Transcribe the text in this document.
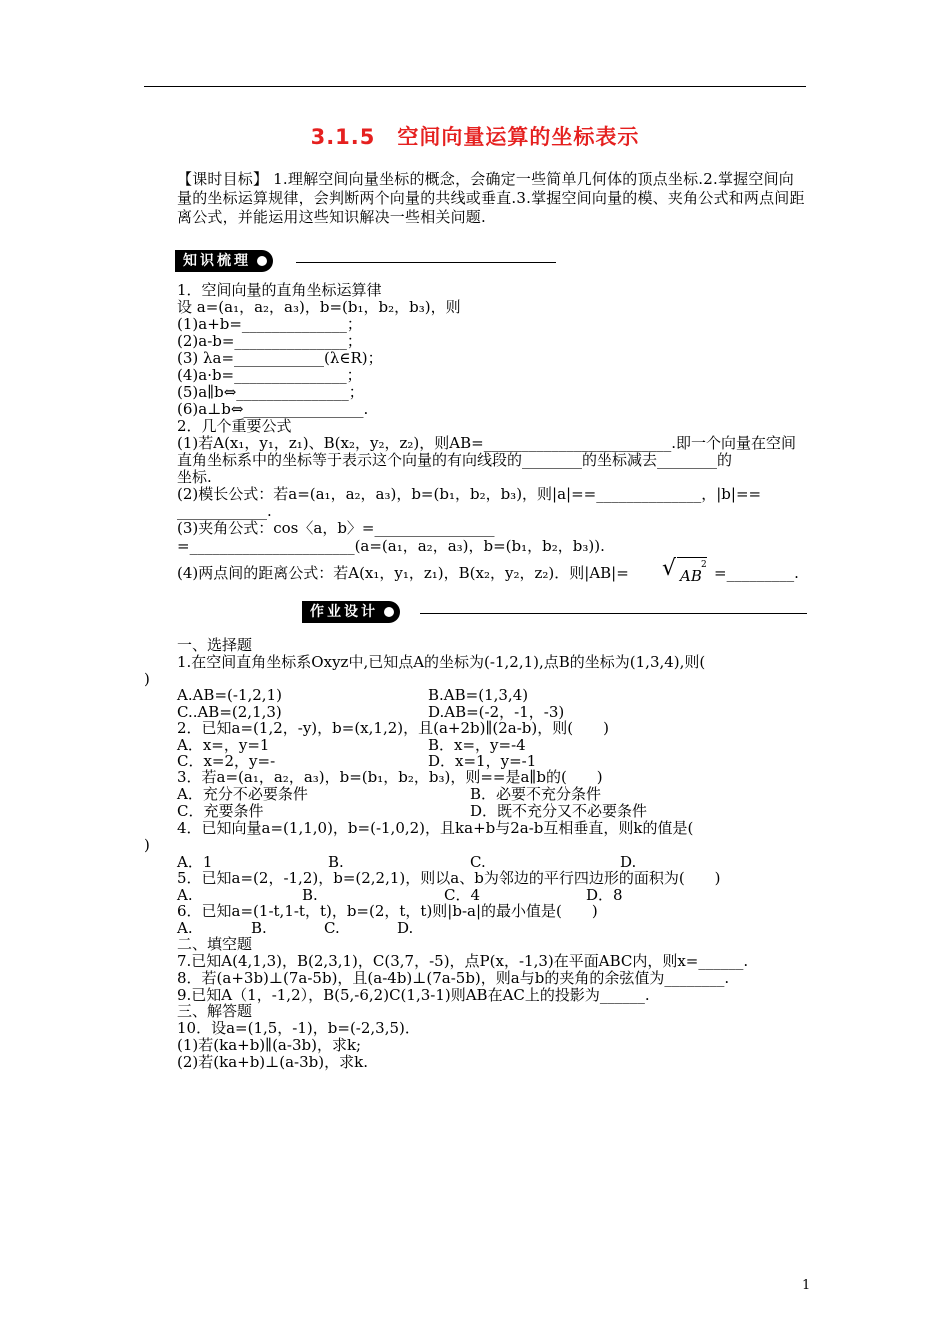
3.1.5　空间向量运算的坐标表示
【课时目标】 1.理解空间向量坐标的概念，会确定一些简单几何体的顶点坐标.2.掌握空间向量的坐标运算规律，会判断两个向量的共线或垂直.3.掌握空间向量的模、夹角公式和两点间距离公式，并能运用这些知识解决一些相关问题.
知识梳理
1．空间向量的直角坐标运算律
设 a=(a₁，a₂，a₃)，b=(b₁，b₂，b₃)，则
(1)a+b=______________；
(2)a-b=_______________；
(3) λa=____________(λ∈R)；
(4)a·b=_______________；
(5)a∥b⇔_______________；
(6)a⊥b⇔________________.
2．几个重要公式
(1)若A(x₁，y₁，z₁)、B(x₂，y₂，z₂)，则AB=_________________________.即一个向量在空间
直角坐标系中的坐标等于表示这个向量的有向线段的________的坐标减去________的
坐标.
(2)模长公式：若a=(a₁，a₂，a₃)，b=(b₁，b₂，b₃)，则|a|==______________，|b|==
____________.
(3)夹角公式：cos〈a，b〉=________________
=______________________(a=(a₁，a₂，a₃)，b=(b₁，b₂，b₃)).
(4)两点间的距离公式：若A(x₁，y₁，z₁)，B(x₂，y₂，z₂)．则|AB|= √ AB
2 =_________.
作业设计
一、选择题
1.在空间直角坐标系Oxyz中,已知点A的坐标为(-1,2,1),点B的坐标为(1,3,4),则(
)
A.AB=(-1,2,1)	B.AB=(1,3,4)
C..AB=(2,1,3)	D.AB=(-2，-1，-3)
2．已知a=(1,2，-y)，b=(x,1,2)，且(a+2b)∥(2a-b)，则(　　)
A．x=，y=1	B．x=，y=-4
C．x=2，y=-	D．x=1，y=-1
3．若a=(a₁，a₂，a₃)，b=(b₁，b₂，b₃)，则==是a∥b的(　　)
A．充分不必要条件	B．必要不充分条件
C．充要条件	D．既不充分又不必要条件
4．已知向量a=(1,1,0)，b=(-1,0,2)，且ka+b与2a-b互相垂直，则k的值是(
)
A．1	B.	C.	D.
5．已知a=(2，-1,2)，b=(2,2,1)，则以a、b为邻边的平行四边形的面积为(　　)
A.	B.	C．4	D．8
6．已知a=(1-t,1-t，t)，b=(2，t，t)则|b-a|的最小值是(　　)
A.	B.	C.	D.
二、填空题
7.已知A(4,1,3)，B(2,3,1)，C(3,7，-5)，点P(x，-1,3)在平面ABC内，则x=______.
8．若(a+3b)⊥(7a-5b)，且(a-4b)⊥(7a-5b)，则a与b的夹角的余弦值为________.
9.已知A（1，-1,2），B(5,-6,2)C(1,3-1)则AB在AC上的投影为______.
三、解答题
10．设a=(1,5，-1)，b=(-2,3,5)．
(1)若(ka+b)∥(a-3b)，求k;
(2)若(ka+b)⊥(a-3b)，求k.
1
